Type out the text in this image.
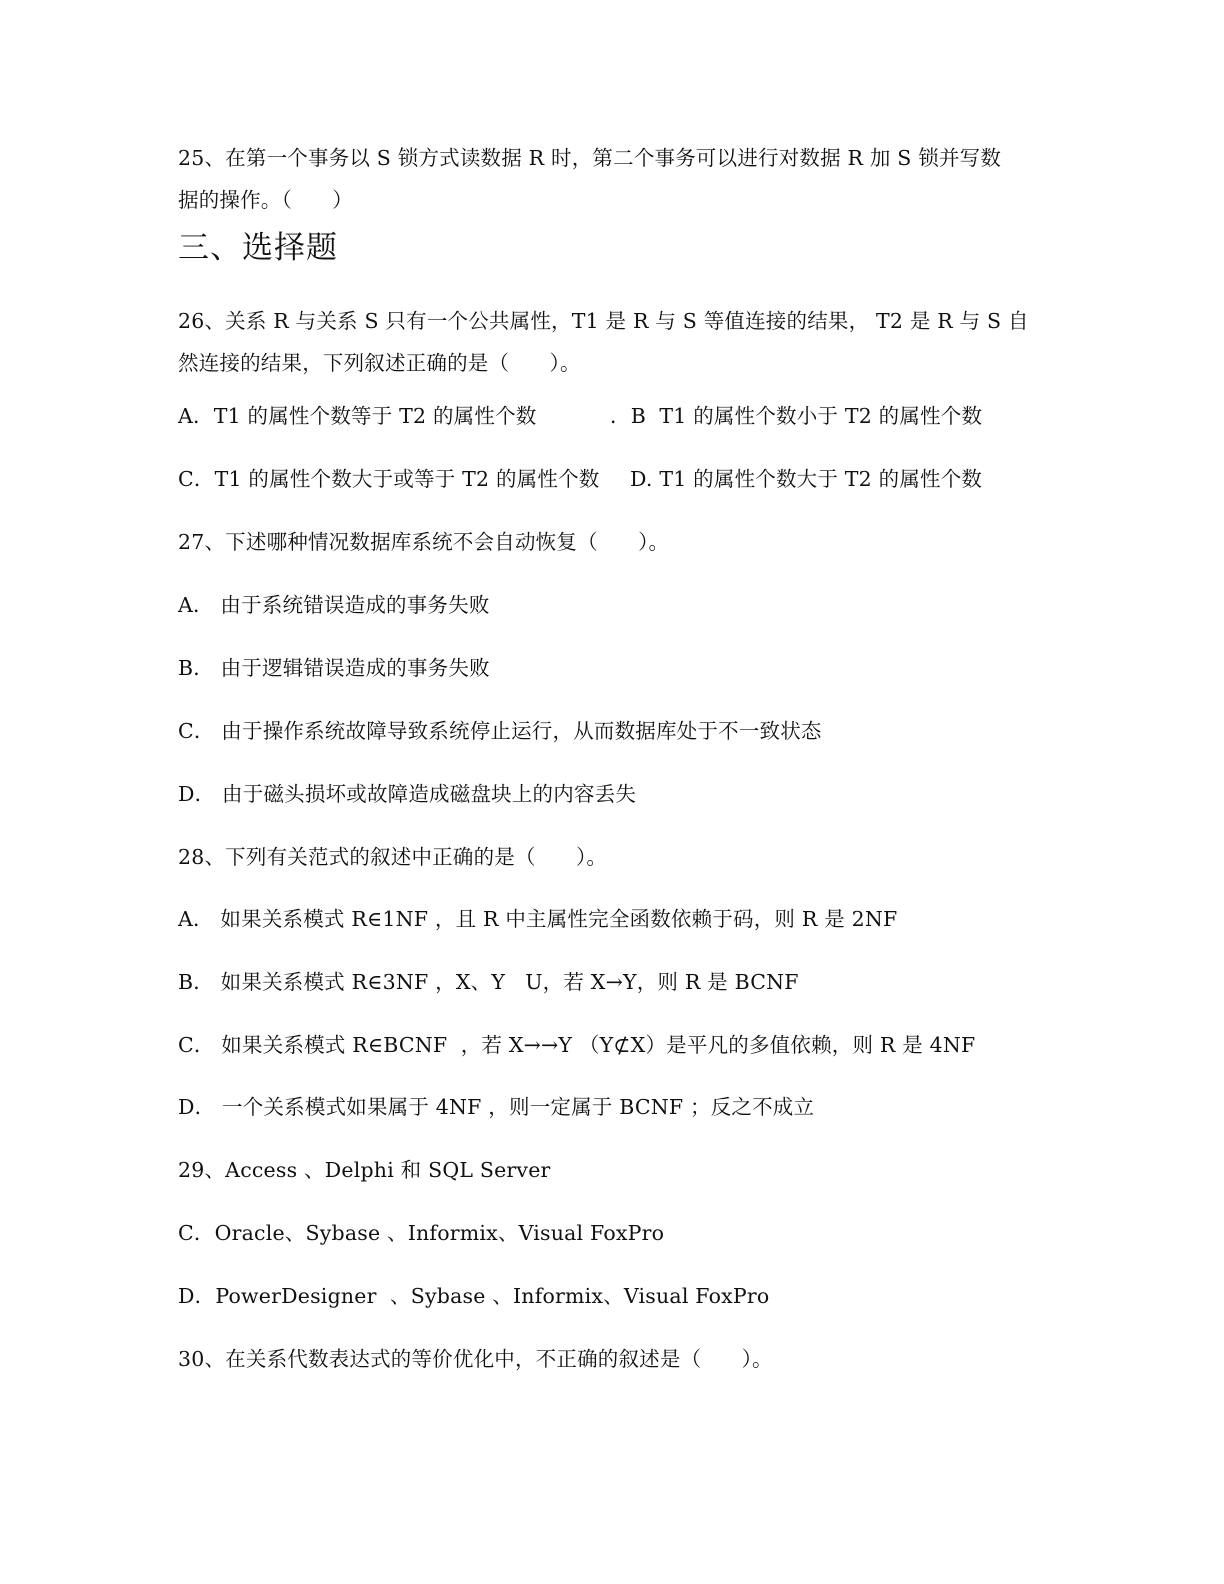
25、在第一个事务以 S 锁方式读数据 R 时，第二个事务可以进行对数据 R 加 S 锁并写数
据的操作。（      ）
三、选择题
26、关系 R 与关系 S 只有一个公共属性，T1 是 R 与 S 等值连接的结果， T2 是 R 与 S 自
然连接的结果，下列叙述正确的是（      ）。
A．T1 的属性个数等于 T2 的属性个数	．B  T1 的属性个数小于 T2 的属性个数
C．T1 的属性个数大于或等于 T2 的属性个数 D. T1 的属性个数大于 T2 的属性个数
27、下述哪种情况数据库系统不会自动恢复（      ）。
A． 由于系统错误造成的事务失败
B． 由于逻辑错误造成的事务失败
C． 由于操作系统故障导致系统停止运行，从而数据库处于不一致状态
D． 由于磁头损坏或故障造成磁盘块上的内容丢失
28、下列有关范式的叙述中正确的是（      ）。
A． 如果关系模式 R∈1NF ，且 R 中主属性完全函数依赖于码，则 R 是 2NF
B． 如果关系模式 R∈3NF ，X、Y   U，若 X→Y，则 R 是 BCNF
C． 如果关系模式 R∈BCNF  ，若 X→→Y （Y⊄X）是平凡的多值依赖，则 R 是 4NF
D． 一个关系模式如果属于 4NF ，则一定属于 BCNF ；反之不成立
29、Access 、Delphi 和 SQL Server
C．Oracle、Sybase 、Informix、Visual FoxPro
D．PowerDesigner  、Sybase 、Informix、Visual FoxPro
30、在关系代数表达式的等价优化中，不正确的叙述是（      ）。
